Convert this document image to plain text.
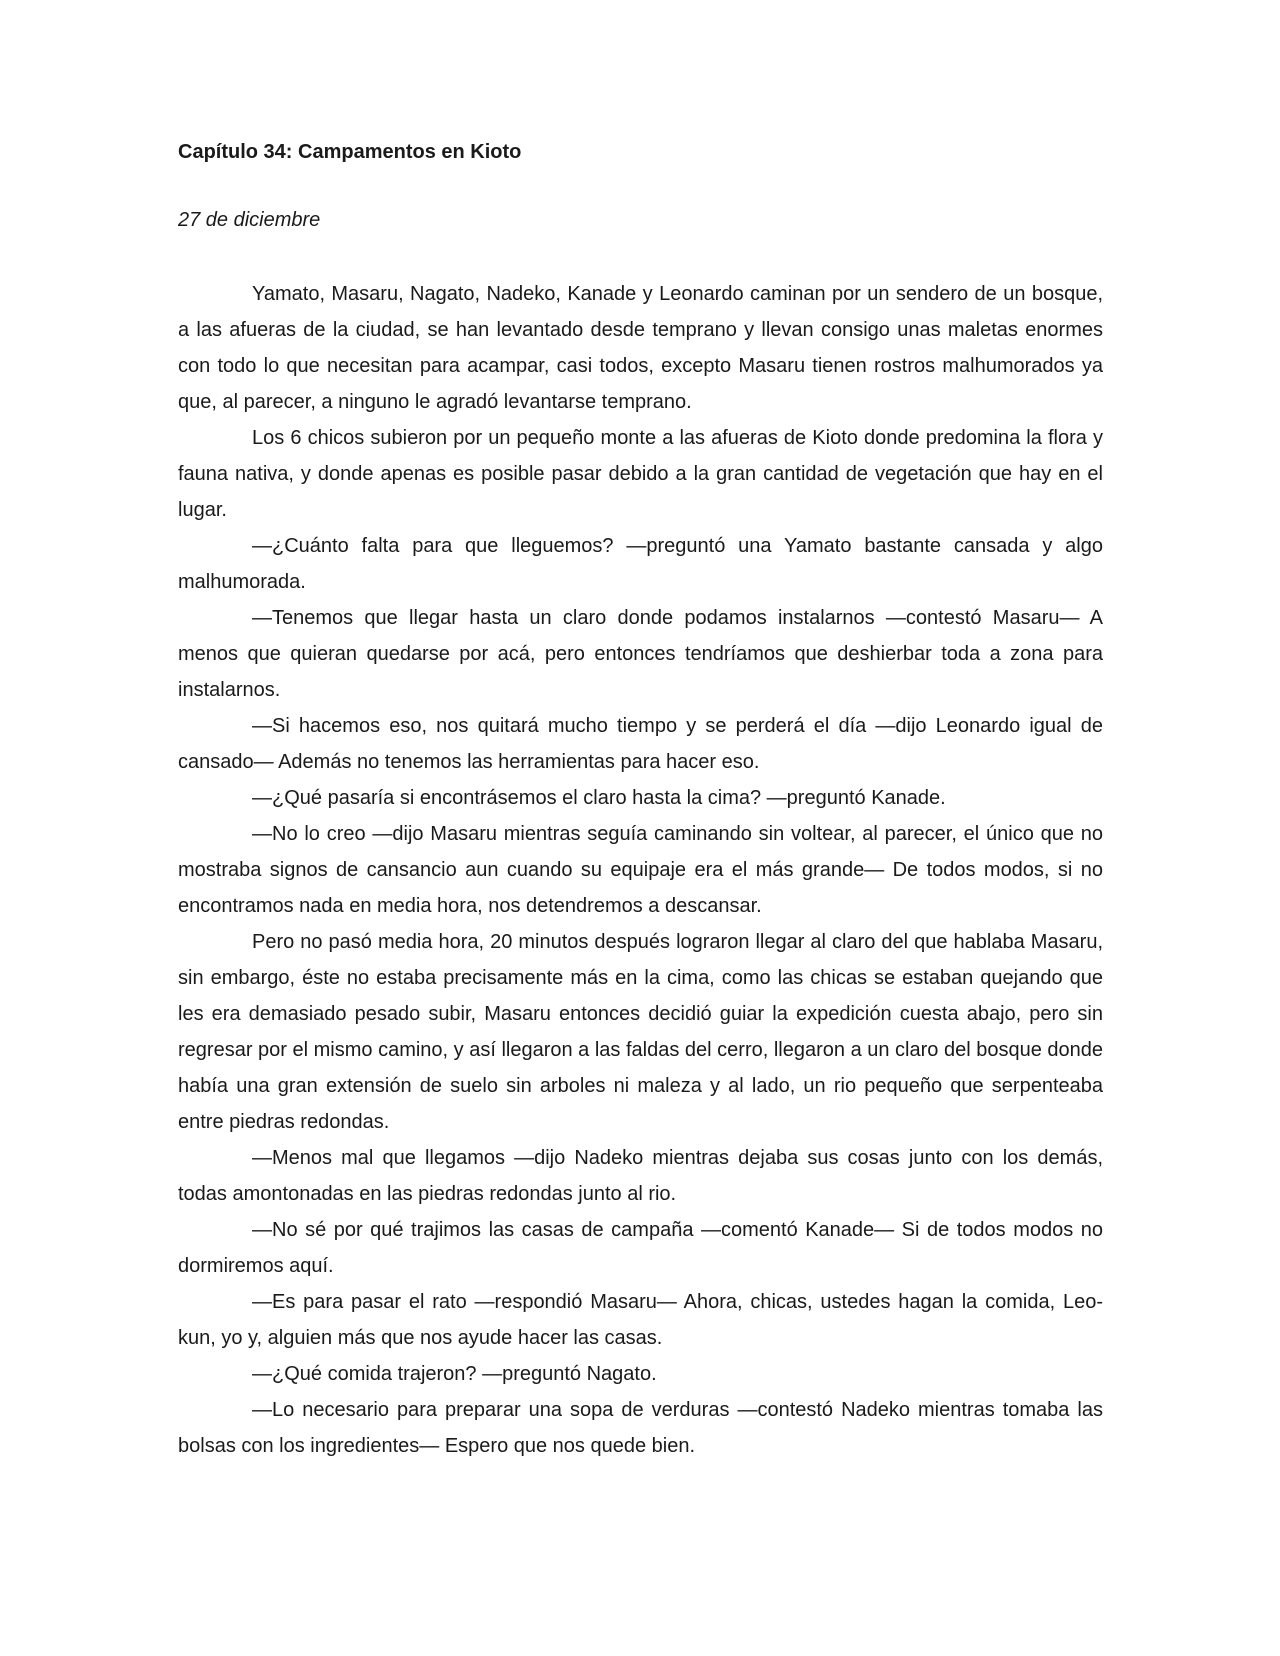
Capítulo 34: Campamentos en Kioto

27 de diciembre

Yamato, Masaru, Nagato, Nadeko, Kanade y Leonardo caminan por un sendero de un bosque, a las afueras de la ciudad, se han levantado desde temprano y llevan consigo unas maletas enormes con todo lo que necesitan para acampar, casi todos, excepto Masaru tienen rostros malhumorados ya que, al parecer, a ninguno le agradó levantarse temprano.

Los 6 chicos subieron por un pequeño monte a las afueras de Kioto donde predomina la flora y fauna nativa, y donde apenas es posible pasar debido a la gran cantidad de vegetación que hay en el lugar.

—¿Cuánto falta para que lleguemos? —preguntó una Yamato bastante cansada y algo malhumorada.

—Tenemos que llegar hasta un claro donde podamos instalarnos —contestó Masaru— A menos que quieran quedarse por acá, pero entonces tendríamos que deshierbar toda a zona para instalarnos.

—Si hacemos eso, nos quitará mucho tiempo y se perderá el día —dijo Leonardo igual de cansado— Además no tenemos las herramientas para hacer eso.

—¿Qué pasaría si encontrásemos el claro hasta la cima? —preguntó Kanade.

—No lo creo —dijo Masaru mientras seguía caminando sin voltear, al parecer, el único que no mostraba signos de cansancio aun cuando su equipaje era el más grande— De todos modos, si no encontramos nada en media hora, nos detendremos a descansar.

Pero no pasó media hora, 20 minutos después lograron llegar al claro del que hablaba Masaru, sin embargo, éste no estaba precisamente más en la cima, como las chicas se estaban quejando que les era demasiado pesado subir, Masaru entonces decidió guiar la expedición cuesta abajo, pero sin regresar por el mismo camino, y así llegaron a las faldas del cerro, llegaron a un claro del bosque donde había una gran extensión de suelo sin arboles ni maleza y al lado, un rio pequeño que serpenteaba entre piedras redondas.

—Menos mal que llegamos —dijo Nadeko mientras dejaba sus cosas junto con los demás, todas amontonadas en las piedras redondas junto al rio.

—No sé por qué trajimos las casas de campaña —comentó Kanade— Si de todos modos no dormiremos aquí.

—Es para pasar el rato —respondió Masaru— Ahora, chicas, ustedes hagan la comida, Leo-kun, yo y, alguien más que nos ayude hacer las casas.

—¿Qué comida trajeron? —preguntó Nagato.

—Lo necesario para preparar una sopa de verduras —contestó Nadeko mientras tomaba las bolsas con los ingredientes— Espero que nos quede bien.
